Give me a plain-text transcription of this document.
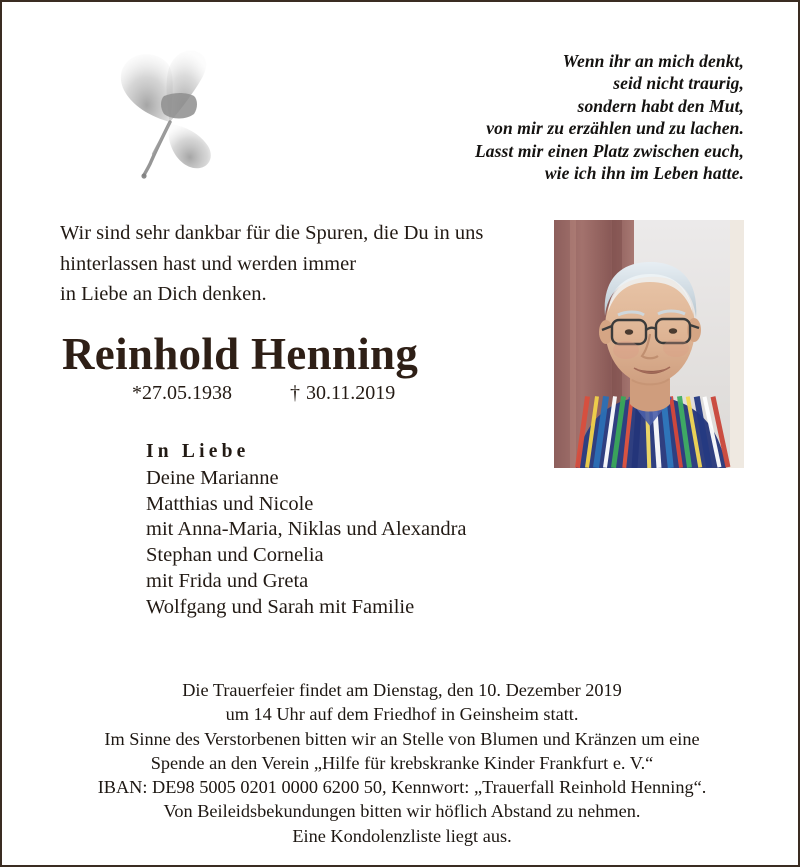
Wenn ihr an mich denkt,
seid nicht traurig,
sondern habt den Mut,
von mir zu erzählen und zu lachen.
Lasst mir einen Platz zwischen euch,
wie ich ihn im Leben hatte.
Wir sind sehr dankbar für die Spuren, die Du in uns
hinterlassen hast und werden immer
in Liebe an Dich denken.
Reinhold Henning
*27.05.1938	† 30.11.2019
In Liebe
Deine Marianne
Matthias und Nicole
mit Anna-Maria, Niklas und Alexandra
Stephan und Cornelia
mit Frida und Greta
Wolfgang und Sarah mit Familie
Die Trauerfeier findet am Dienstag, den 10. Dezember 2019
um 14 Uhr auf dem Friedhof in Geinsheim statt.
Im Sinne des Verstorbenen bitten wir an Stelle von Blumen und Kränzen um eine
Spende an den Verein „Hilfe für krebskranke Kinder Frankfurt e. V.“
IBAN: DE98 5005 0201 0000 6200 50, Kennwort: „Trauerfall Reinhold Henning“.
Von Beileidsbekundungen bitten wir höflich Abstand zu nehmen.
Eine Kondolenzliste liegt aus.
